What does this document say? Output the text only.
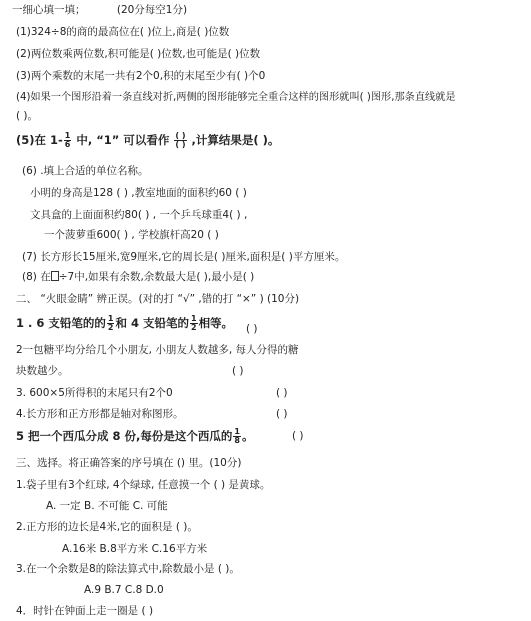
一细心填一填；	(20分每空1分)
(1)324÷8的商的最高位在( )位上,商是( )位数
(2)两位数乘两位数,积可能是( )位数,也可能是( )位数
(3)两个乘数的末尾一共有2个0,积的末尾至少有( )个0
(4)如果一个图形沿着一条直线对折,两侧的图形能够完全重合这样的图形就叫( )图形,那条直线就是
( )。
(5)在 $1- \frac{1}{6}$ 中, “1” 可以看作 $\frac{( )}{( )}$ ,计算结果是( )。
(6) .填上合适的单位名称。
小明的身高是128 ( ) ,教室地面的面积约60 ( )
文具盒的上面面积约80( ) , 一个乒乓球重4( ) ,
一个菠萝重600( ) , 学校旗杆高20 ( )
(7) 长方形长15厘米,宽9厘米,它的周长是( )厘米,面积是( )平方厘米。
(8) 在 ÷7中,如果有余数,余数最大是( ),最小是( )
二、 “火眼金睛” 辨正误。(对的打 “√” ,错的打 “×” ) (10分)
1 . 6 支铅笔的的 $\frac{1}{2}$ 和 4 支铅笔的 $\frac{1}{2}$ 相等。 ( )
2一包糖平均分给几个小朋友, 小朋友人数越多, 每人分得的糖
块数越少。	( )
3. 600×5所得积的末尾只有2个0	( )
4.长方形和正方形都是轴对称图形。	( )
5 把一个西瓜分成 8 份,每份是这个西瓜的 $\frac{1}{8}$ 。	( )
三、选择。将正确答案的序号填在 () 里。(10分)
1.袋子里有3个红球, 4个绿球, 任意摸一个 ( ) 是黄球。
A. 一定 B. 不可能 C. 可能
2.正方形的边长是4米,它的面积是 ( )。
A.16米 B.8平方米 C.16平方米
3.在一个余数是8的除法算式中,除数最小是 ( )。
A.9 B.7 C.8 D.0
4．时针在钟面上走一圈是 ( )
